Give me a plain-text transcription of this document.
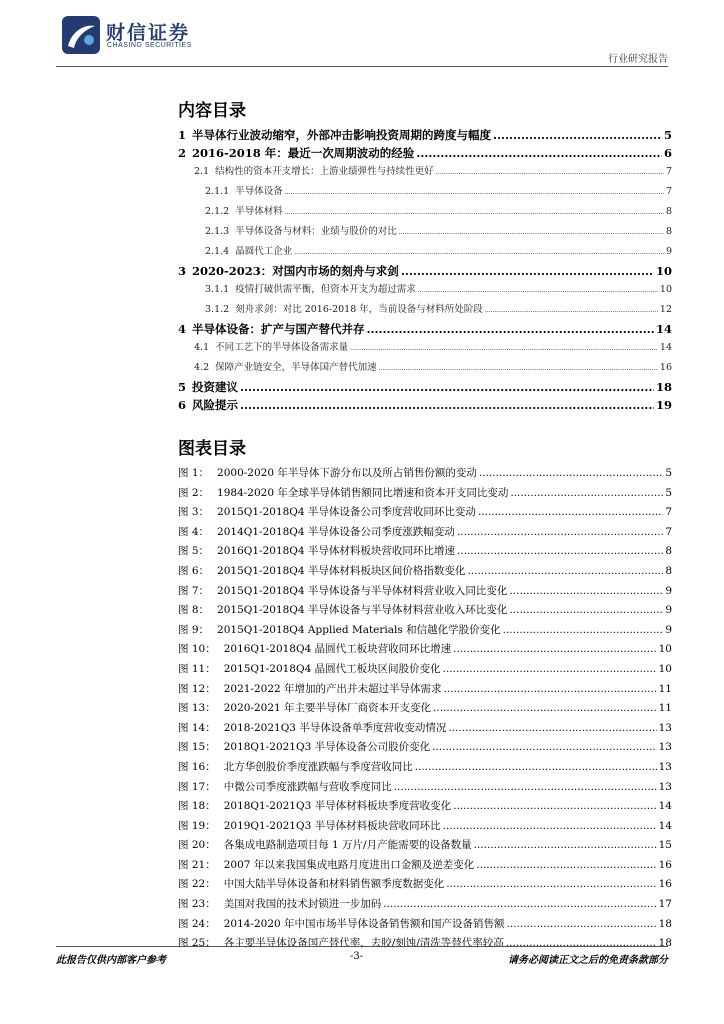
财信证券
CHASING SECURITIES
行业研究报告
内容目录
1 半导体行业波动缩窄，外部冲击影响投资周期的跨度与幅度 .....	5
2 2016-2018 年：最近一次周期波动的经验 .....	6
2.1 结构性的资本开支增长：上游业绩弹性与持续性更好 .....	7
2.1.1 半导体设备 .....	7
2.1.2 半导体材料 .....	8
2.1.3 半导体设备与材料：业绩与股价的对比 .....	8
2.1.4 晶圆代工企业 .....	9
3 2020-2023：对国内市场的刻舟与求剑 .....	10
3.1.1 疫情打破供需平衡，但资本开支为超过需求 .....	10
3.1.2 刻舟求剑：对比 2016-2018 年，当前设备与材料所处阶段 .....	12
4 半导体设备：扩产与国产替代并存 .....	14
4.1 不同工艺下的半导体设备需求量 .....	14
4.2 保障产业链安全，半导体国产替代加速 .....	16
5 投资建议 .....	18
6 风险提示 .....	19
图表目录
图 1： 2000-2020 年半导体下游分布以及所占销售份额的变动 .....	5
图 2： 1984-2020 年全球半导体销售额同比增速和资本开支同比变动 .....	5
图 3： 2015Q1-2018Q4 半导体设备公司季度营收同环比变动 .....	7
图 4： 2014Q1-2018Q4 半导体设备公司季度涨跌幅变动 .....	7
图 5： 2016Q1-2018Q4 半导体材料板块营收同环比增速 .....	8
图 6： 2015Q1-2018Q4 半导体材料板块区间价格指数变化 .....	8
图 7： 2015Q1-2018Q4 半导体设备与半导体材料营业收入同比变化 .....	9
图 8： 2015Q1-2018Q4 半导体设备与半导体材料营业收入环比变化 .....	9
图 9： 2015Q1-2018Q4 Applied Materials 和信越化学股价变化 .....	9
图 10： 2016Q1-2018Q4 晶圆代工板块营收同环比增速 .....	10
图 11： 2015Q1-2018Q4 晶圆代工板块区间股价变化 .....	10
图 12： 2021-2022 年增加的产出并未超过半导体需求 .....	11
图 13： 2020-2021 年主要半导体厂商资本开支变化 .....	11
图 14： 2018-2021Q3 半导体设备单季度营收变动情况 .....	13
图 15： 2018Q1-2021Q3 半导体设备公司股价变化 .....	13
图 16： 北方华创股价季度涨跌幅与季度营收同比 .....	13
图 17： 中微公司季度涨跌幅与营收季度同比 .....	13
图 18： 2018Q1-2021Q3 半导体材料板块季度营收变化 .....	14
图 19： 2019Q1-2021Q3 半导体材料板块营收同环比 .....	14
图 20： 各集成电路制造项目每 1 万片/月产能需要的设备数量 .....	15
图 21： 2007 年以来我国集成电路月度进出口金额及逆差变化 .....	16
图 22： 中国大陆半导体设备和材料销售额季度数据变化 .....	16
图 23： 美国对我国的技术封锁进一步加码 .....	17
图 24： 2014-2020 年中国市场半导体设备销售额和国产设备销售额 .....	18
图 25： 各主要半导体设备国产替代率，去胶/刻蚀/清洗等替代率较高 .....	18
此报告仅供内部客户参考	-3-	请务必阅读正文之后的免责条款部分
